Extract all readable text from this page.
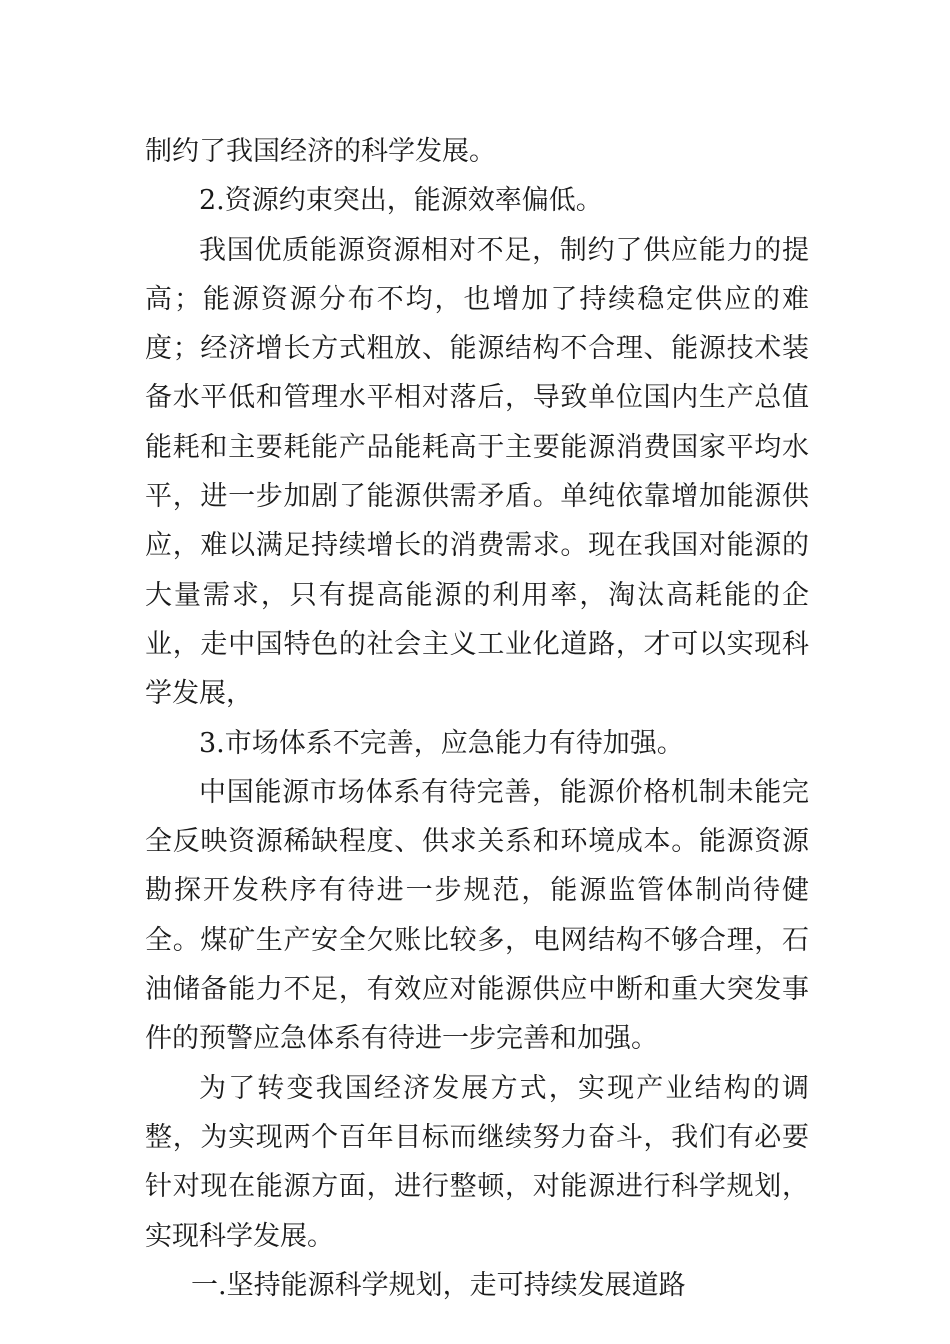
制约了我国经济的科学发展。

2.资源约束突出，能源效率偏低。

我国优质能源资源相对不足，制约了供应能力的提高；能源资源分布不均，也增加了持续稳定供应的难度；经济增长方式粗放、能源结构不合理、能源技术装备水平低和管理水平相对落后，导致单位国内生产总值能耗和主要耗能产品能耗高于主要能源消费国家平均水平，进一步加剧了能源供需矛盾。单纯依靠增加能源供应，难以满足持续增长的消费需求。现在我国对能源的大量需求，只有提高能源的利用率，淘汰高耗能的企业，走中国特色的社会主义工业化道路，才可以实现科学发展，

3.市场体系不完善，应急能力有待加强。

中国能源市场体系有待完善，能源价格机制未能完全反映资源稀缺程度、供求关系和环境成本。能源资源勘探开发秩序有待进一步规范，能源监管体制尚待健全。煤矿生产安全欠账比较多，电网结构不够合理，石油储备能力不足，有效应对能源供应中断和重大突发事件的预警应急体系有待进一步完善和加强。

为了转变我国经济发展方式，实现产业结构的调整，为实现两个百年目标而继续努力奋斗，我们有必要针对现在能源方面，进行整顿，对能源进行科学规划，实现科学发展。

一.坚持能源科学规划，走可持续发展道路
